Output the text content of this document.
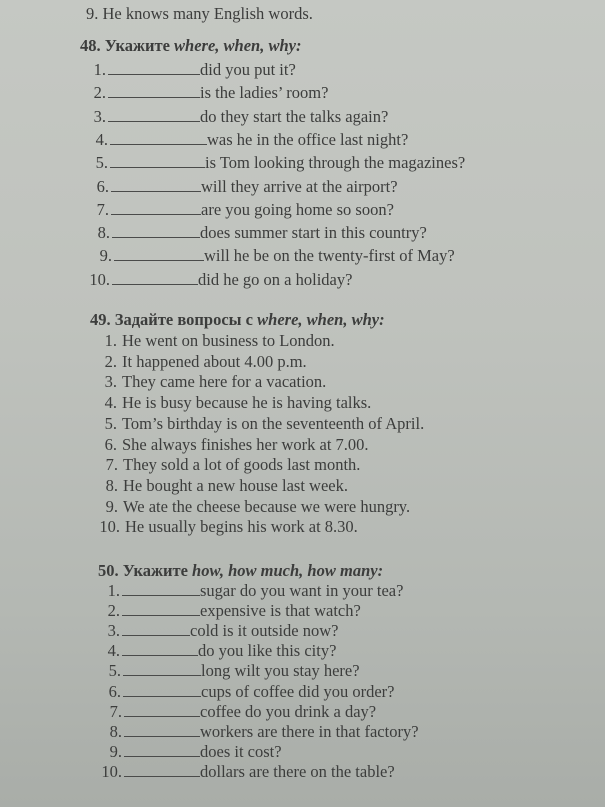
9. He knows many English words.
48. Укажите where, when, why:
1.	did you put it?
2.	is the ladies’ room?
3.	do they start the talks again?
4.	was he in the office last night?
5.	is Tom looking through the magazines?
6.	will they arrive at the airport?
7.	are you going home so soon?
8.	does summer start in this country?
9.	will he be on the twenty-first of May?
10.	did he go on a holiday?
49. Задайте вопросы с where, when, why:
1. He went on business to London.
2. It happened about 4.00 p.m.
3. They came here for a vacation.
4. He is busy because he is having talks.
5. Tom’s birthday is on the seventeenth of April.
6. She always finishes her work at 7.00.
7. They sold a lot of goods last month.
8. He bought a new house last week.
9. We ate the cheese because we were hungry.
10. He usually begins his work at 8.30.
50. Укажите how, how much, how many:
1.	sugar do you want in your tea?
2.	expensive is that watch?
3.	cold is it outside now?
4.	do you like this city?
5.	long wilt you stay here?
6.	cups of coffee did you order?
7.	coffee do you drink a day?
8.	workers are there in that factory?
9.	does it cost?
10.	dollars are there on the table?
